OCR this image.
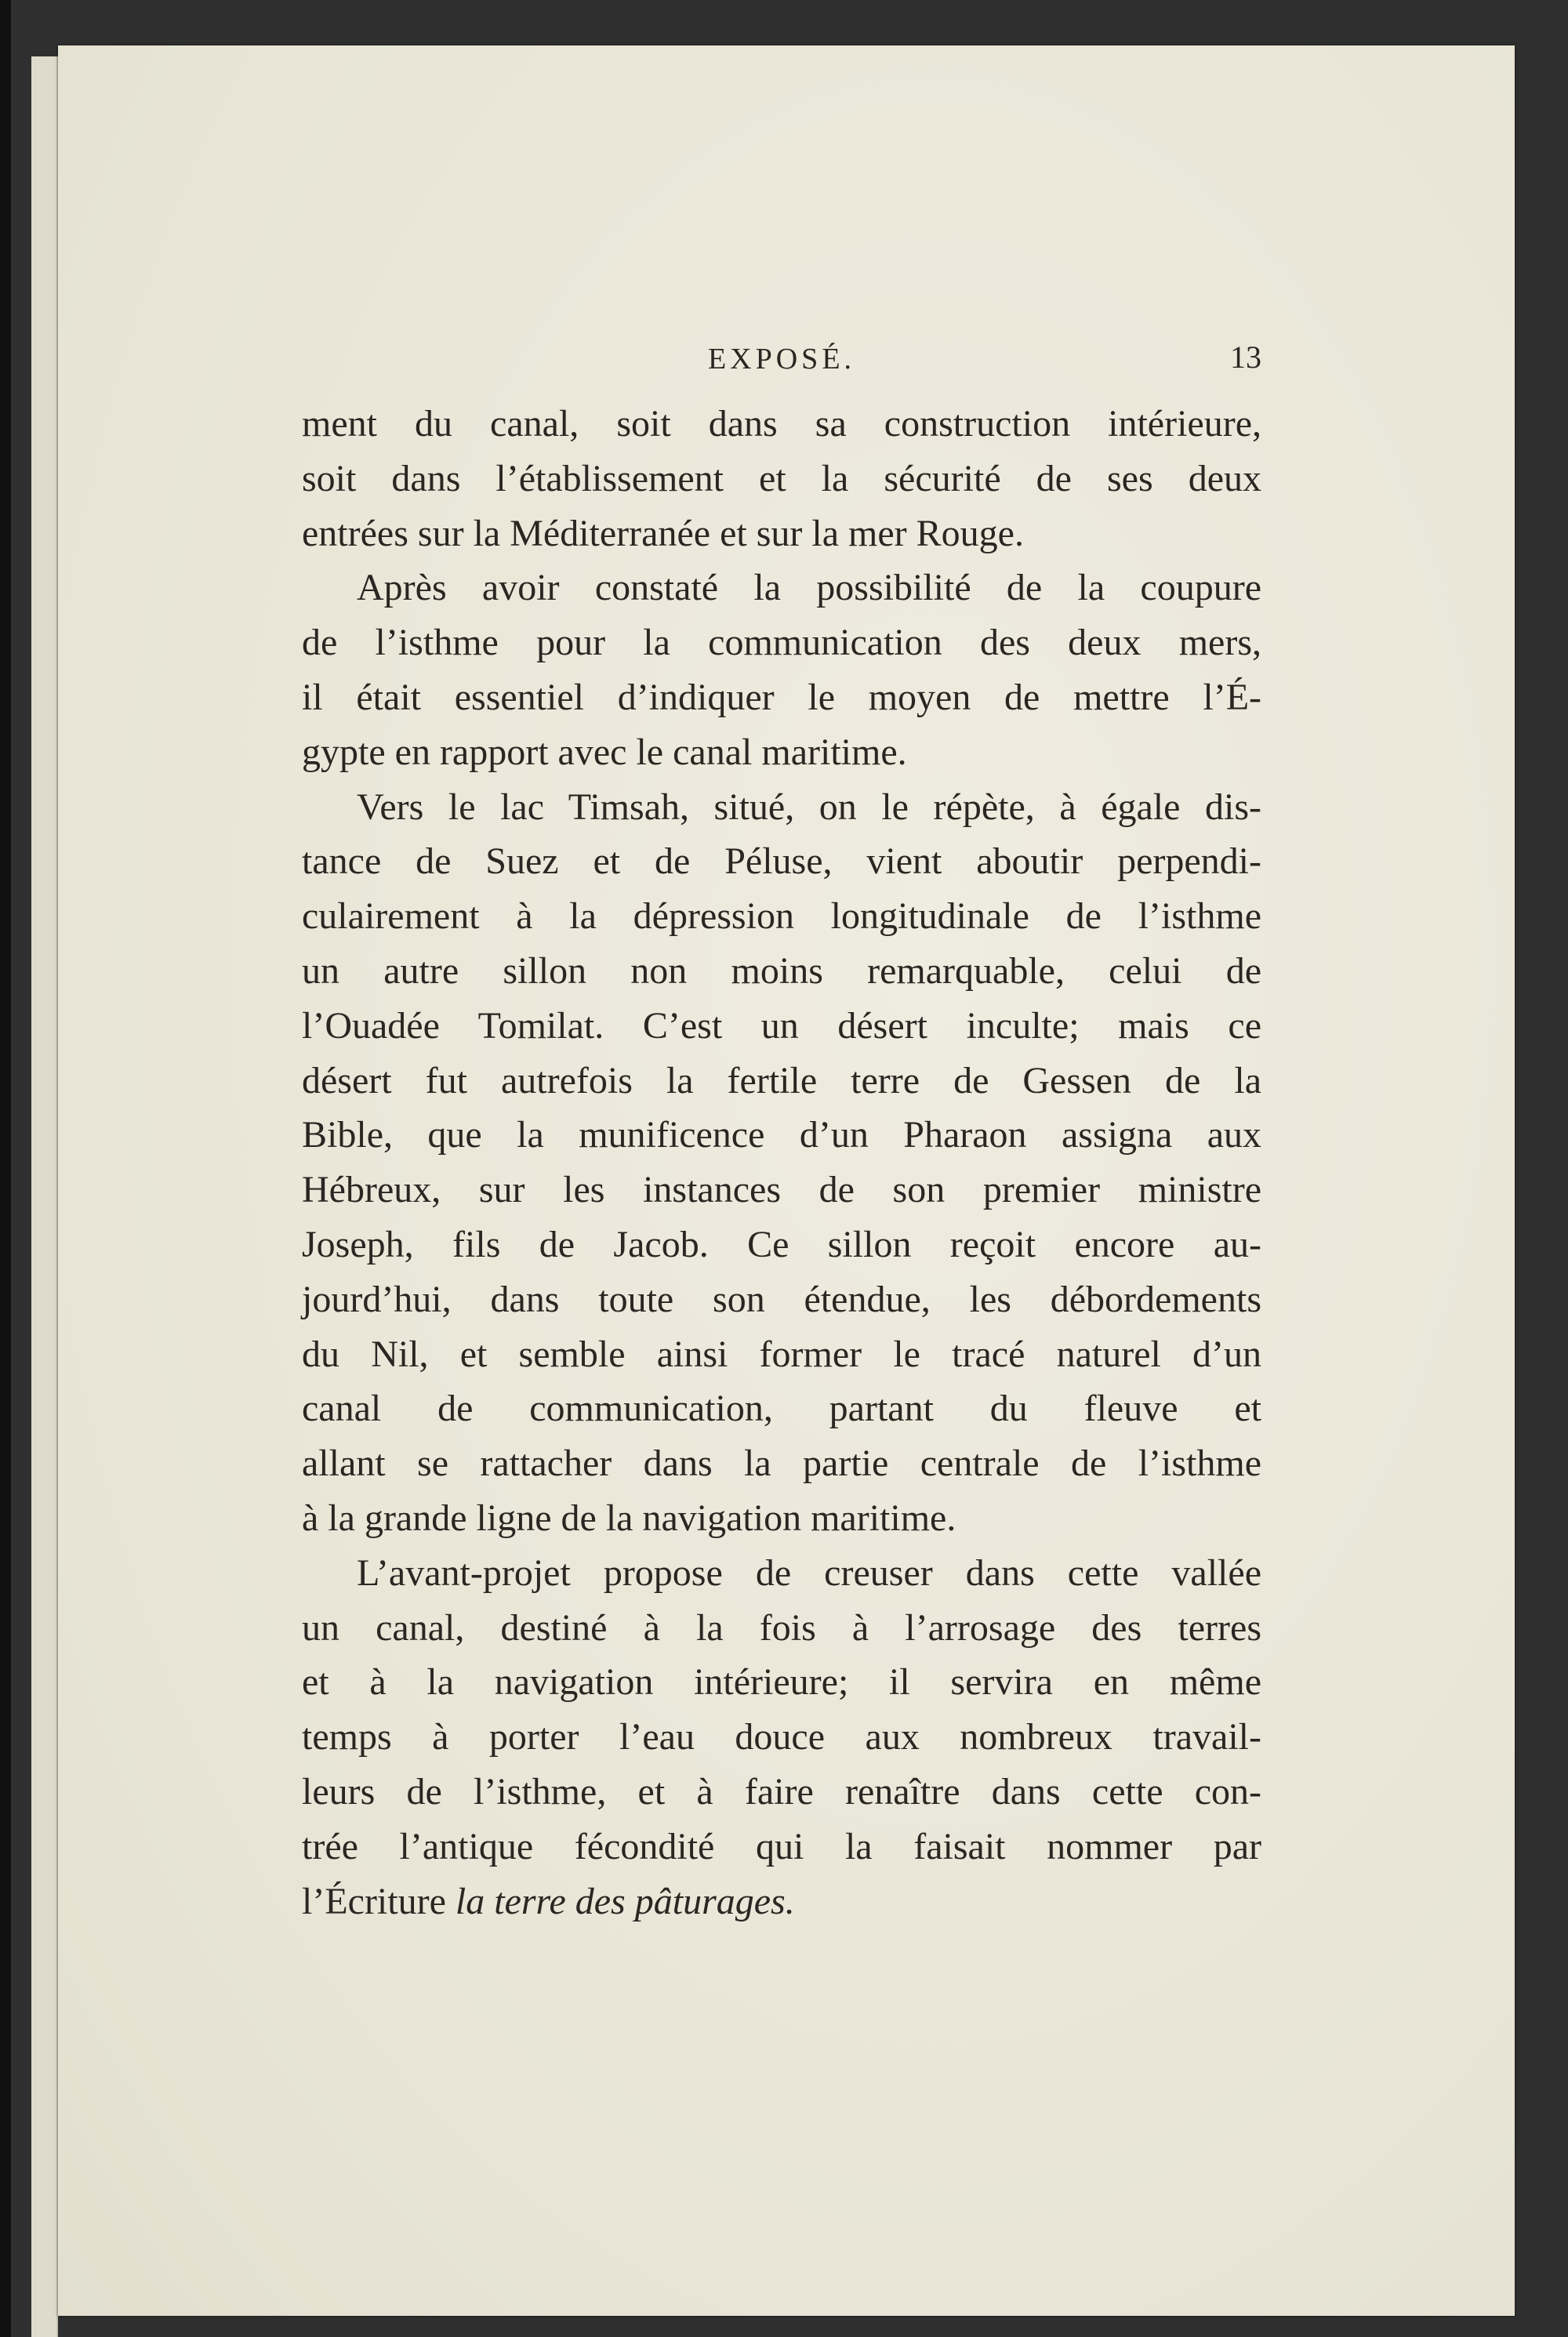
EXPOSÉ.	13
ment du canal, soit dans sa construction intérieure,
soit dans l’établissement et la sécurité de ses deux
entrées sur la Méditerranée et sur la mer Rouge.
Après avoir constaté la possibilité de la coupure
de l’isthme pour la communication des deux mers,
il était essentiel d’indiquer le moyen de mettre l’É-
gypte en rapport avec le canal maritime.
Vers le lac Timsah, situé, on le répète, à égale dis-
tance de Suez et de Péluse, vient aboutir perpendi-
culairement à la dépression longitudinale de l’isthme
un autre sillon non moins remarquable, celui de
l’Ouadée Tomilat. C’est un désert inculte; mais ce
désert fut autrefois la fertile terre de Gessen de la
Bible, que la munificence d’un Pharaon assigna aux
Hébreux, sur les instances de son premier ministre
Joseph, fils de Jacob. Ce sillon reçoit encore au-
jourd’hui, dans toute son étendue, les débordements
du Nil, et semble ainsi former le tracé naturel d’un
canal de communication, partant du fleuve et
allant se rattacher dans la partie centrale de l’isthme
à la grande ligne de la navigation maritime.
L’avant-projet propose de creuser dans cette vallée
un canal, destiné à la fois à l’arrosage des terres
et à la navigation intérieure; il servira en même
temps à porter l’eau douce aux nombreux travail-
leurs de l’isthme, et à faire renaître dans cette con-
trée l’antique fécondité qui la faisait nommer par
l’Écriture la terre des pâturages.
